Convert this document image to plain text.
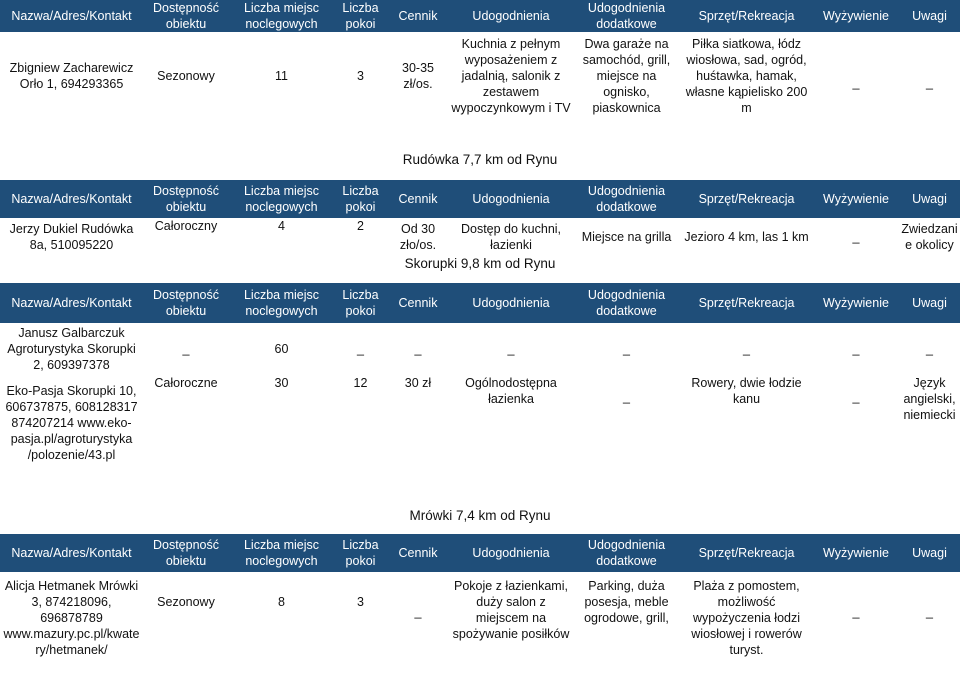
Nazwa/Adres/Kontakt	Dostępność obiektu	Liczba miejsc noclegowych	Liczba pokoi	Cennik	Udogodnienia	Udogodnienia dodatkowe	Sprzęt/Rekreacja	Wyżywienie	Uwagi
Zbigniew Zacharewicz Orło 1, 694293365	Sezonowy	11	3	30-35 zł/os.	Kuchnia z pełnym wyposażeniem z jadalnią, salonik z zestawem wypoczynkowym i TV	Dwa garaże na samochód, grill, miejsce na ognisko, piaskownica	Piłka siatkowa, łódz wiosłowa, sad, ogród, huśtawka, hamak, własne kąpielisko 200 m	_	_
Rudówka 7,7 km od Rynu
Nazwa/Adres/Kontakt	Dostępność obiektu	Liczba miejsc noclegowych	Liczba pokoi	Cennik	Udogodnienia	Udogodnienia dodatkowe	Sprzęt/Rekreacja	Wyżywienie	Uwagi
Jerzy Dukiel Rudówka 8a, 510095220	Całoroczny	4	2	Od 30 zło/os.	Dostęp do kuchni, łazienki	Miejsce na grilla	Jezioro 4 km, las 1 km	_	Zwiedzanie okolicy
Skorupki 9,8 km od Rynu
Nazwa/Adres/Kontakt	Dostępność obiektu	Liczba miejsc noclegowych	Liczba pokoi	Cennik	Udogodnienia	Udogodnienia dodatkowe	Sprzęt/Rekreacja	Wyżywienie	Uwagi
Janusz Galbarczuk Agroturystyka Skorupki 2, 609397378	_	60	_	_	_	_	_	_	_
Eko-Pasja Skorupki 10, 606737875, 608128317 874207214 www.eko-pasja.pl/agroturystyka /polozenie/43.pl	Całoroczne	30	12	30 zł	Ogólnodostępna łazienka	_	Rowery, dwie łodzie kanu	_	Język angielski, niemiecki
Mrówki 7,4 km od Rynu
Nazwa/Adres/Kontakt	Dostępność obiektu	Liczba miejsc noclegowych	Liczba pokoi	Cennik	Udogodnienia	Udogodnienia dodatkowe	Sprzęt/Rekreacja	Wyżywienie	Uwagi
Alicja Hetmanek Mrówki 3, 874218096, 696878789 www.mazury.pc.pl/kwatery/hetmanek/	Sezonowy	8	3	_	Pokoje z łazienkami, duży salon z miejscem na spożywanie posiłków	Parking, duża posesja, meble ogrodowe, grill,	Plaża z pomostem, możliwość wypożyczenia łodzi wiosłowej i rowerów turyst.	_	_
